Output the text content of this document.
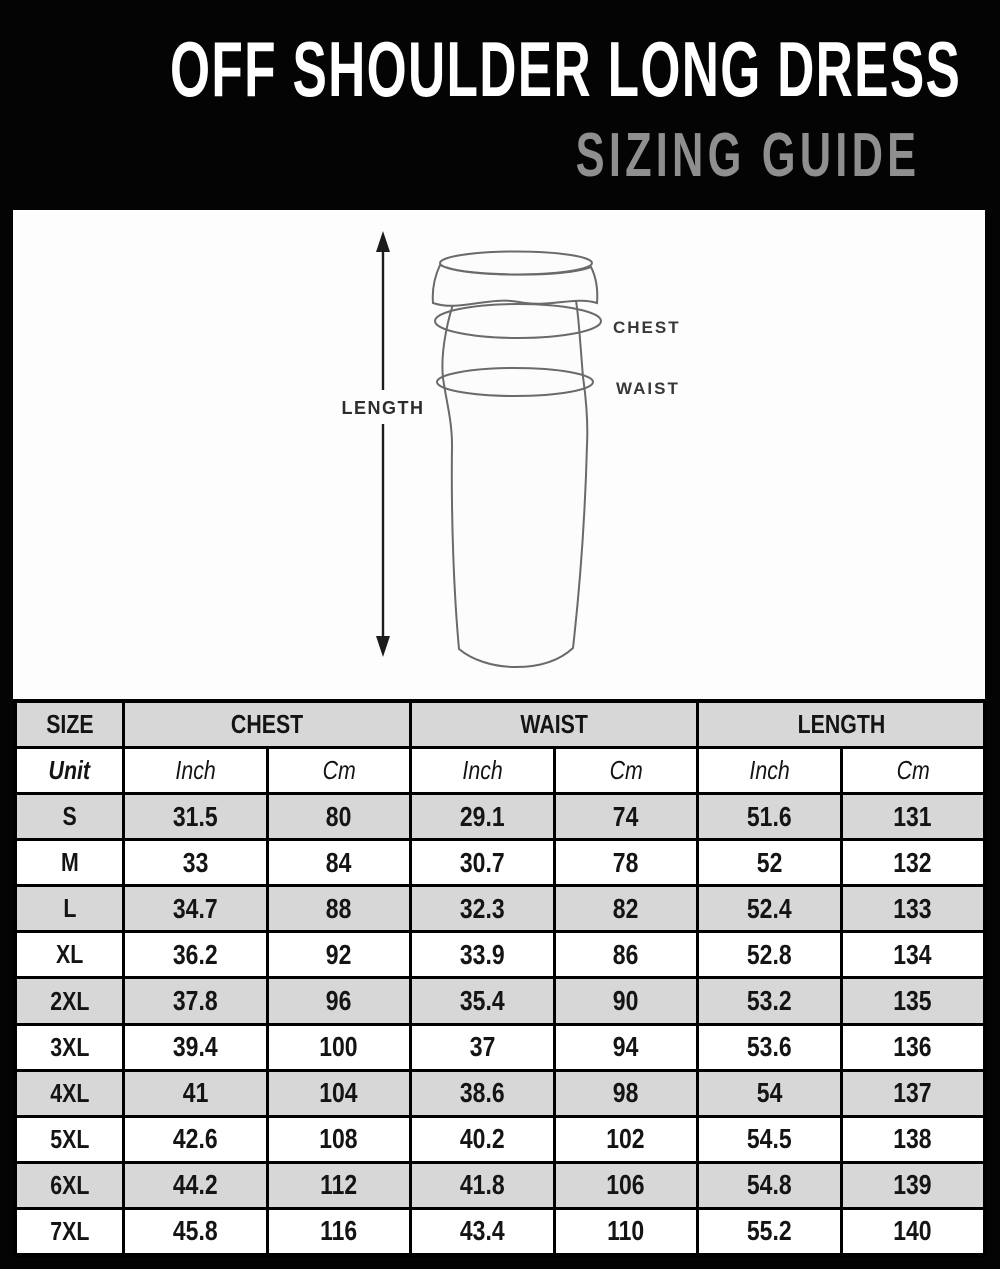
OFF SHOULDER LONG DRESS
SIZING GUIDE
LENGTH
CHEST
WAIST
SIZE	CHEST	WAIST	LENGTH
Unit	Inch	Cm	Inch	Cm	Inch	Cm
S	31.5	80	29.1	74	51.6	131
M	33	84	30.7	78	52	132
L	34.7	88	32.3	82	52.4	133
XL	36.2	92	33.9	86	52.8	134
2XL	37.8	96	35.4	90	53.2	135
3XL	39.4	100	37	94	53.6	136
4XL	41	104	38.6	98	54	137
5XL	42.6	108	40.2	102	54.5	138
6XL	44.2	112	41.8	106	54.8	139
7XL	45.8	116	43.4	110	55.2	140
